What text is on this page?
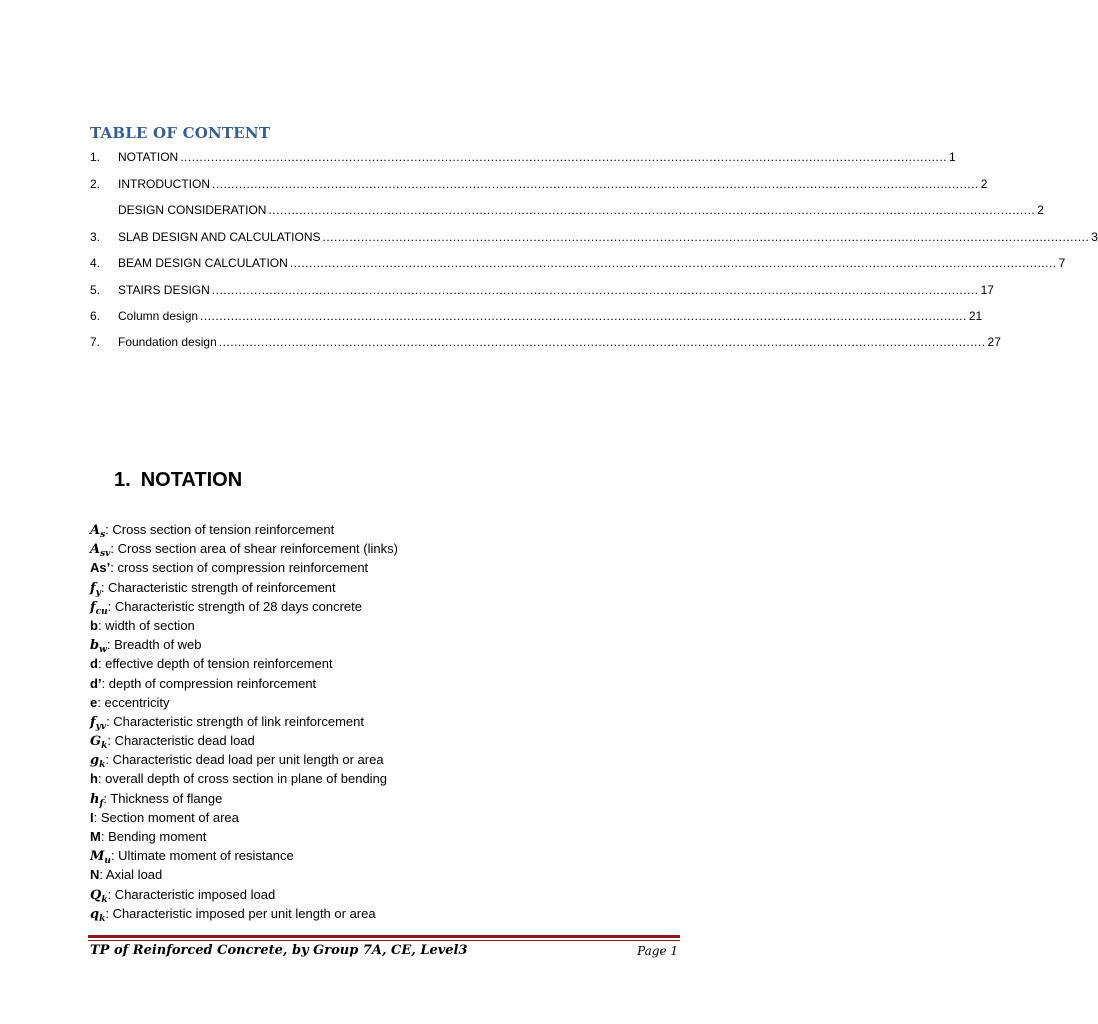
TABLE OF CONTENT
1.	NOTATION ........................................................................................................................................................................................................ 1
2.	INTRODUCTION ........................................................................................................................................................................................................ 2
DESIGN CONSIDERATION ........................................................................................................................................................................................................ 2
3.	SLAB DESIGN AND CALCULATIONS ........................................................................................................................................................................................................ 3
4.	BEAM DESIGN CALCULATION ........................................................................................................................................................................................................ 7
5.	STAIRS DESIGN ........................................................................................................................................................................................................ 17
6.	Column design ........................................................................................................................................................................................................ 21
7.	Foundation design ........................................................................................................................................................................................................ 27
1. NOTATION
$A_s$: Cross section of tension reinforcement
$A_{sv}$: Cross section area of shear reinforcement (links)
As’: cross section of compression reinforcement
$f_y$: Characteristic strength of reinforcement
$f_{cu}$: Characteristic strength of 28 days concrete
b: width of section
$b_w$: Breadth of web
d: effective depth of tension reinforcement
d’: depth of compression reinforcement
e: eccentricity
$f_{yv}$: Characteristic strength of link reinforcement
$G_k$: Characteristic dead load
$g_k$: Characteristic dead load per unit length or area
h: overall depth of cross section in plane of bending
$h_f$: Thickness of flange
I: Section moment of area
M: Bending moment
$M_u$: Ultimate moment of resistance
N: Axial load
$Q_k$: Characteristic imposed load
$q_k$: Characteristic imposed per unit length or area
TP of Reinforced Concrete, by Group 7A, CE, Level3	Page 1
